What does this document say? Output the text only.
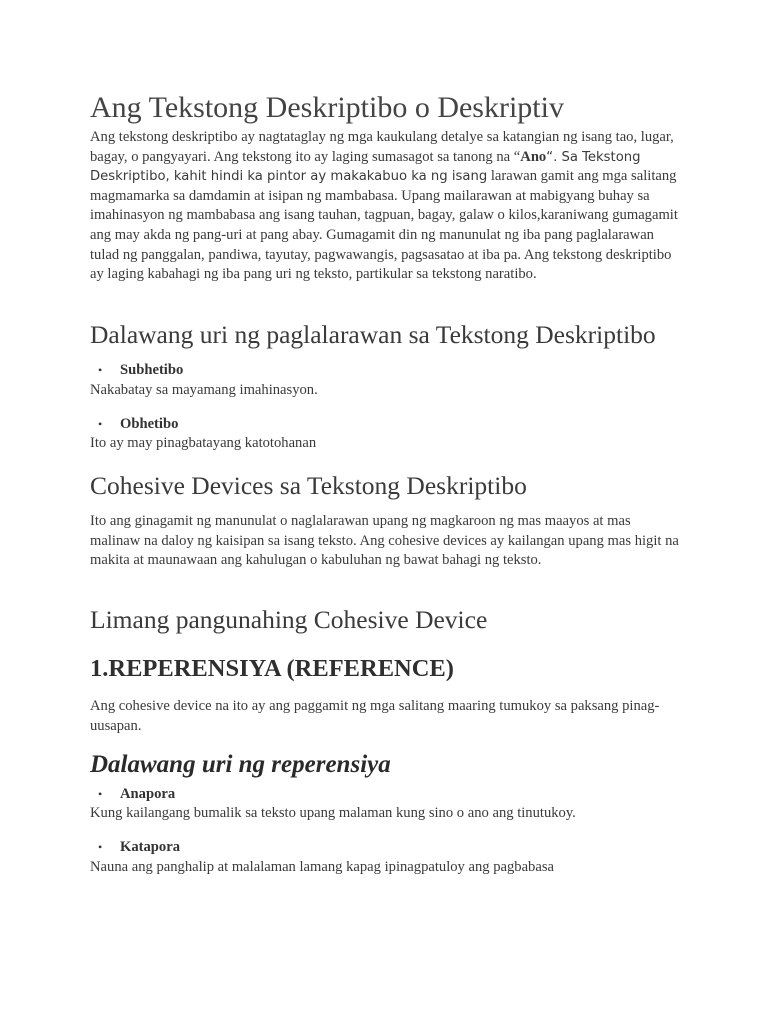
Ang Tekstong Deskriptibo o Deskriptiv

Ang tekstong deskriptibo ay nagtataglay ng mga kaukulang detalye sa katangian ng isang tao, lugar, bagay, o pangyayari. Ang tekstong ito ay laging sumasagot sa tanong na “Ano“. Sa Tekstong Deskriptibo, kahit hindi ka pintor ay makakabuo ka ng isang larawan gamit ang mga salitang magmamarka sa damdamin at isipan ng mambabasa. Upang mailarawan at mabigyang buhay sa imahinasyon ng mambabasa ang isang tauhan, tagpuan, bagay, galaw o kilos,karaniwang gumagamit ang may akda ng pang-uri at pang abay. Gumagamit din ng manunulat ng iba pang paglalarawan tulad ng panggalan, pandiwa, tayutay, pagwawangis, pagsasatao at iba pa. Ang tekstong deskriptibo ay laging kabahagi ng iba pang uri ng teksto, partikular sa tekstong naratibo.

Dalawang uri ng paglalarawan sa Tekstong Deskriptibo
• Subhetibo

Nakabatay sa mayamang imahinasyon.

• Obhetibo

Ito ay may pinagbatayang katotohanan

Cohesive Devices sa Tekstong Deskriptibo

Ito ang ginagamit ng manunulat o naglalarawan upang ng magkaroon ng mas maayos at mas malinaw na daloy ng kaisipan sa isang teksto. Ang cohesive devices ay kailangan upang mas higit na makita at maunawaan ang kahulugan o kabuluhan ng bawat bahagi ng teksto.

Limang pangunahing Cohesive Device
1.REPERENSIYA (REFERENCE)

Ang cohesive device na ito ay ang paggamit ng mga salitang maaring tumukoy sa paksang pinag-uusapan.

Dalawang uri ng reperensiya
• Anapora

Kung kailangang bumalik sa teksto upang malaman kung sino o ano ang tinutukoy.

• Katapora

Nauna ang panghalip at malalaman lamang kapag ipinagpatuloy ang pagbabasa
